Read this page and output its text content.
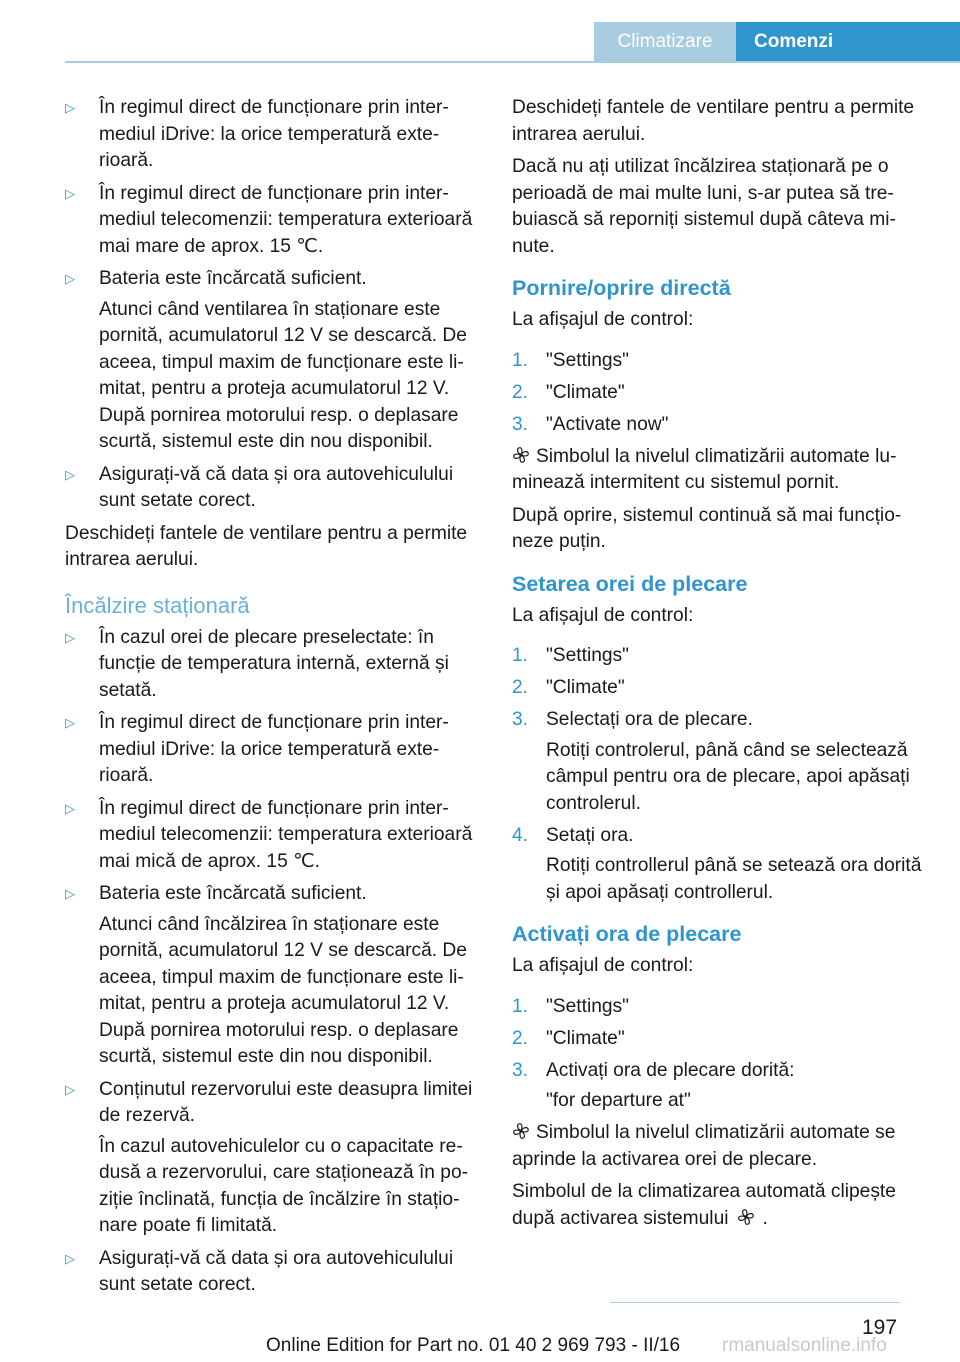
Climatizare	Comenzi
▷	În regimul direct de funcționare prin intermediul iDrive: la orice temperatură exterioară.

▷	În regimul direct de funcționare prin intermediul telecomenzii: temperatura exterioară mai mare de aprox. 15 ℃.

▷	Bateria este încărcată suficient.

Atunci când ventilarea în staționare este pornită, acumulatorul 12 V se descarcă. De aceea, timpul maxim de funcționare este limitat, pentru a proteja acumulatorul 12 V. După pornirea motorului resp. o deplasare scurtă, sistemul este din nou disponibil.

▷	Asigurați-vă că data și ora autovehiculului sunt setate corect.

Deschideți fantele de ventilare pentru a permite intrarea aerului.

Încălzire staționară
▷	În cazul orei de plecare preselectate: în funcție de temperatura internă, externă și setată.

▷	În regimul direct de funcționare prin intermediul iDrive: la orice temperatură exterioară.

▷	În regimul direct de funcționare prin intermediul telecomenzii: temperatura exterioară mai mică de aprox. 15 ℃.

▷	Bateria este încărcată suficient.

Atunci când încălzirea în staționare este pornită, acumulatorul 12 V se descarcă. De aceea, timpul maxim de funcționare este limitat, pentru a proteja acumulatorul 12 V. După pornirea motorului resp. o deplasare scurtă, sistemul este din nou disponibil.

▷	Conținutul rezervorului este deasupra limitei de rezervă.

În cazul autovehiculelor cu o capacitate redusă a rezervorului, care staționează în poziție înclinată, funcția de încălzire în staționare poate fi limitată.

▷	Asigurați-vă că data și ora autovehiculului sunt setate corect.

Deschideți fantele de ventilare pentru a permite intrarea aerului.

Dacă nu ați utilizat încălzirea staționară pe o perioadă de mai multe luni, s-ar putea să trebuiască să reporniți sistemul după câteva minute.

Pornire/oprire directă

La afișajul de control:

1. "Settings"

2. "Climate"

3. "Activate now"

Simbolul la nivelul climatizării automate luminează intermitent cu sistemul pornit.

După oprire, sistemul continuă să mai funcționeze puțin.

Setarea orei de plecare

La afișajul de control:

1. "Settings"

2. "Climate"

3. Selectați ora de plecare.

Rotiți controlerul, până când se selectează câmpul pentru ora de plecare, apoi apăsați controlerul.

4. Setați ora.

Rotiți controllerul până se setează ora dorită și apoi apăsați controllerul.

Activați ora de plecare

La afișajul de control:

1. "Settings"

2. "Climate"

3. Activați ora de plecare dorită:

"for departure at"

Simbolul la nivelul climatizării automate se aprinde la activarea orei de plecare.

Simbolul de la climatizarea automată clipește după activarea sistemului .

197
Online Edition for Part no. 01 40 2 969 793 - II/16 rmanualsonline.info
